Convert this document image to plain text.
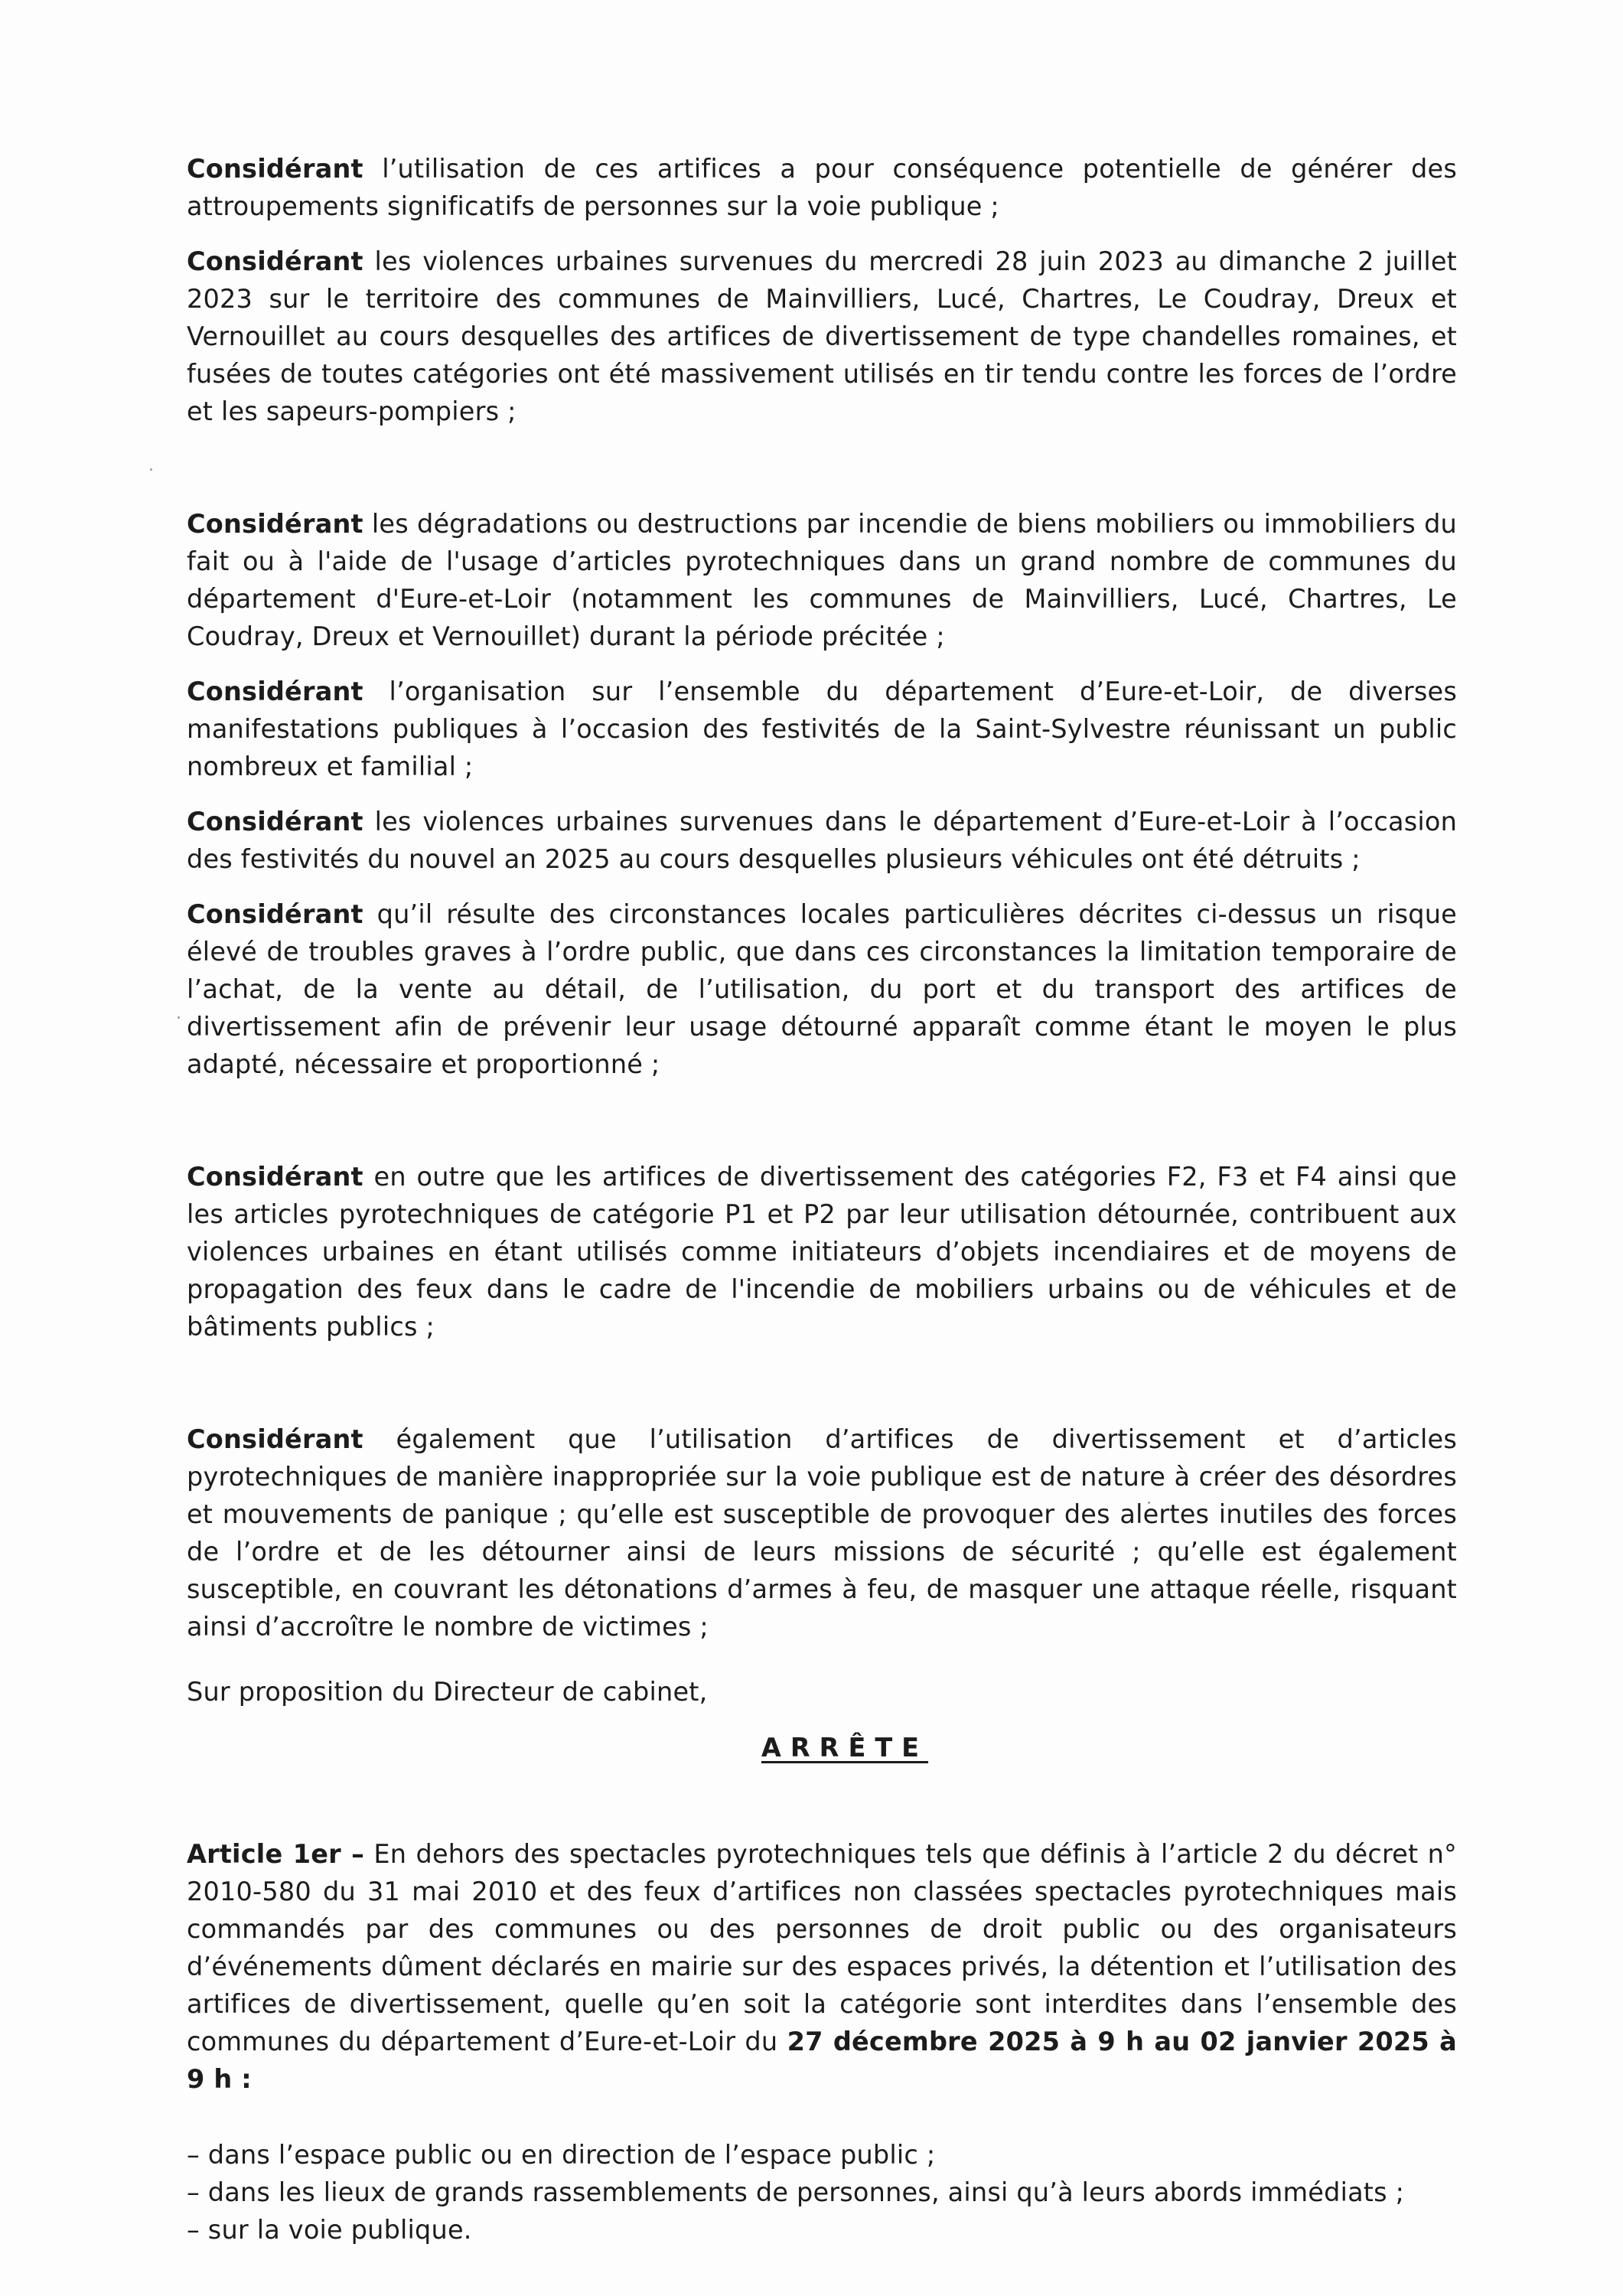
Considérant l’utilisation de ces artifices a pour conséquence potentielle de générer des attroupements significatifs de personnes sur la voie publique ;

Considérant les violences urbaines survenues du mercredi 28 juin 2023 au dimanche 2 juillet 2023 sur le territoire des communes de Mainvilliers, Lucé, Chartres, Le Coudray, Dreux et Vernouillet au cours desquelles des artifices de divertissement de type chandelles romaines, et fusées de toutes catégories ont été massivement utilisés en tir tendu contre les forces de l’ordre et les sapeurs-pompiers ;

Considérant les dégradations ou destructions par incendie de biens mobiliers ou immobiliers du fait ou à l'aide de l'usage d’articles pyrotechniques dans un grand nombre de communes du département d'Eure-et-Loir (notamment les communes de Mainvilliers, Lucé, Chartres, Le Coudray, Dreux et Vernouillet) durant la période précitée ;

Considérant l’organisation sur l’ensemble du département d’Eure-et-Loir, de diverses manifestations publiques à l’occasion des festivités de la Saint-Sylvestre réunissant un public nombreux et familial ;

Considérant les violences urbaines survenues dans le département d’Eure-et-Loir à l’occasion des festivités du nouvel an 2025 au cours desquelles plusieurs véhicules ont été détruits ;

Considérant qu’il résulte des circonstances locales particulières décrites ci-dessus un risque élevé de troubles graves à l’ordre public, que dans ces circonstances la limitation temporaire de l’achat, de la vente au détail, de l’utilisation, du port et du transport des artifices de divertissement afin de prévenir leur usage détourné apparaît comme étant le moyen le plus adapté, nécessaire et proportionné ;

Considérant en outre que les artifices de divertissement des catégories F2, F3 et F4 ainsi que les articles pyrotechniques de catégorie P1 et P2 par leur utilisation détournée, contribuent aux violences urbaines en étant utilisés comme initiateurs d’objets incendiaires et de moyens de propagation des feux dans le cadre de l'incendie de mobiliers urbains ou de véhicules et de bâtiments publics ;

Considérant également que l’utilisation d’artifices de divertissement et d’articles pyrotechniques de manière inappropriée sur la voie publique est de nature à créer des désordres et mouvements de panique ; qu’elle est susceptible de provoquer des alertes inutiles des forces de l’ordre et de les détourner ainsi de leurs missions de sécurité ; qu’elle est également susceptible, en couvrant les détonations d’armes à feu, de masquer une attaque réelle, risquant ainsi d’accroître le nombre de victimes ;

Sur proposition du Directeur de cabinet,

ARRÊTE

Article 1er – En dehors des spectacles pyrotechniques tels que définis à l’article 2 du décret n° 2010-580 du 31 mai 2010 et des feux d’artifices non classées spectacles pyrotechniques mais commandés par des communes ou des personnes de droit public ou des organisateurs d’événements dûment déclarés en mairie sur des espaces privés, la détention et l’utilisation des artifices de divertissement, quelle qu’en soit la catégorie sont interdites dans l’ensemble des communes du département d’Eure-et-Loir du 27 décembre 2025 à 9 h au 02 janvier 2025 à 9 h :

– dans l’espace public ou en direction de l’espace public ;
– dans les lieux de grands rassemblements de personnes, ainsi qu’à leurs abords immédiats ;
– sur la voie publique.
